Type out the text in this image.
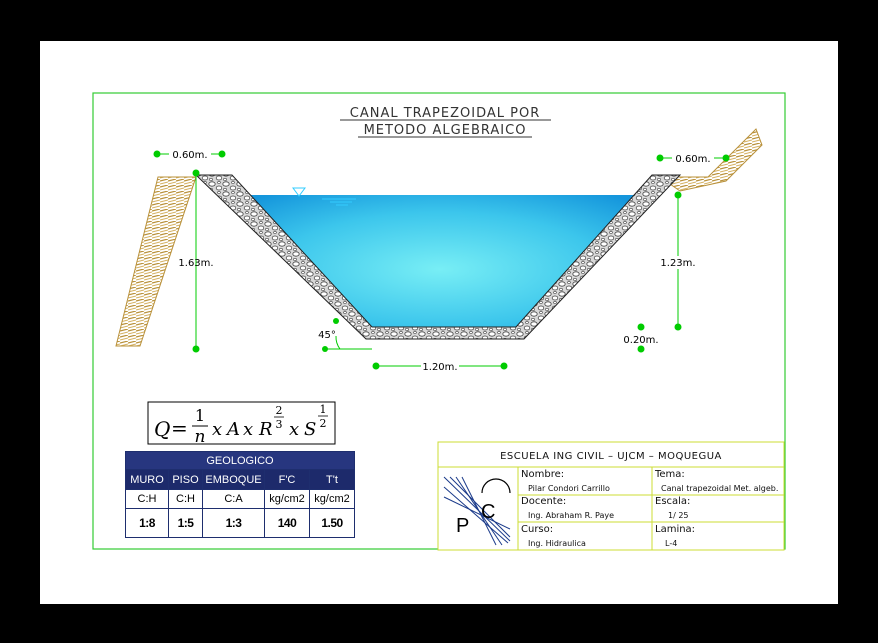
CANAL TRAPEZOIDAL POR
METODO ALGEBRAICO
1.63m.
0.60m.	0.60m.
1.23m.
0.20m.
1.20m.
45°
Q =
1
n x A x R
2
3 x S
1
2
ESCUELA ING CIVIL – UJCM – MOQUEGUA
P
C
Nombre:
Pilar Condori Carrillo
Tema:
Canal trapezoidal Met. algeb.
Docente:
Ing. Abraham R. Paye
Escala:
1/ 25
Curso:
Ing. Hidraulica
Lamina:
L-4
GEOLOGICO				
MURO	PISO	EMBOQUE	F'C	T't
C:H	C:H	C:A	kg/cm2	kg/cm2
1:8	1:5	1:3	140	1.50
